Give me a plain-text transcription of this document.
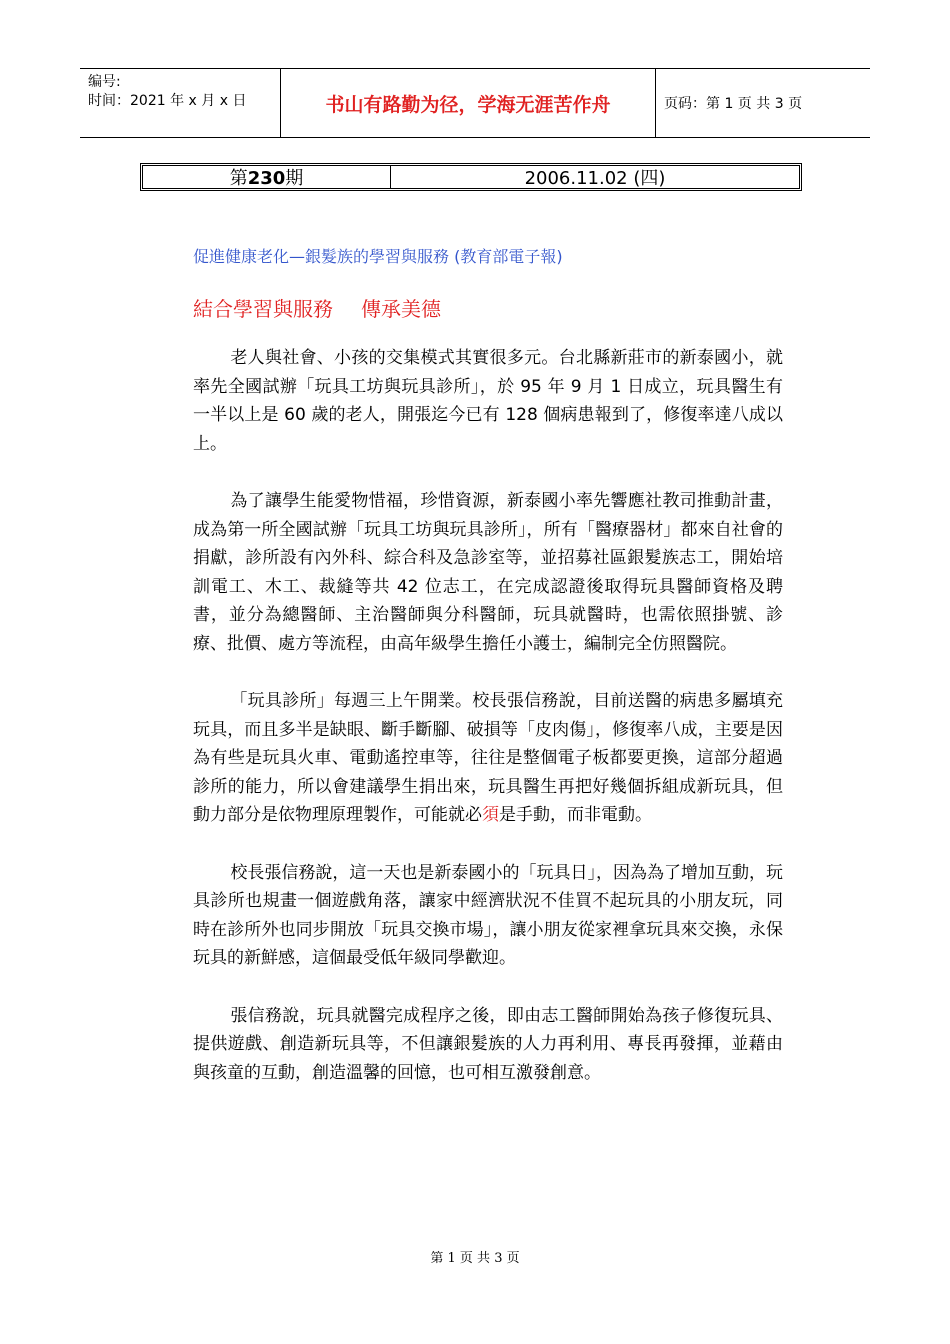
编号:
时间：2021 年 x 月 x 日	书山有路勤为径，学海无涯苦作舟	页码：第 1 页 共 3 页
第230期	2006.11.02 (四)
促進健康老化—銀髮族的學習與服務 (教育部電子報)
結合學習與服務 傳承美德

老人與社會、小孩的交集模式其實很多元。台北縣新莊市的新泰國小，就率先全國試辦「玩具工坊與玩具診所」，於 95 年 9 月 1 日成立，玩具醫生有一半以上是 60 歲的老人，開張迄今已有 128 個病患報到了，修復率達八成以上。

為了讓學生能愛物惜福，珍惜資源，新泰國小率先響應社教司推動計畫，成為第一所全國試辦「玩具工坊與玩具診所」，所有「醫療器材」都來自社會的捐獻，診所設有內外科、綜合科及急診室等，並招募社區銀髮族志工，開始培訓電工、木工、裁縫等共 42 位志工，在完成認證後取得玩具醫師資格及聘書，並分為總醫師、主治醫師與分科醫師，玩具就醫時，也需依照掛號、診療、批價、處方等流程，由高年級學生擔任小護士，編制完全仿照醫院。

「玩具診所」每週三上午開業。校長張信務說，目前送醫的病患多屬填充玩具，而且多半是缺眼、斷手斷腳、破損等「皮肉傷」，修復率八成，主要是因為有些是玩具火車、電動遙控車等，往往是整個電子板都要更換，這部分超過診所的能力，所以會建議學生捐出來，玩具醫生再把好幾個拆組成新玩具，但動力部分是依物理原理製作，可能就必須是手動，而非電動。

校長張信務說，這一天也是新泰國小的「玩具日」，因為為了增加互動，玩具診所也規畫一個遊戲角落，讓家中經濟狀況不佳買不起玩具的小朋友玩，同時在診所外也同步開放「玩具交換市場」，讓小朋友從家裡拿玩具來交換，永保玩具的新鮮感，這個最受低年級同學歡迎。

張信務說，玩具就醫完成程序之後，即由志工醫師開始為孩子修復玩具、提供遊戲、創造新玩具等，不但讓銀髮族的人力再利用、專長再發揮，並藉由與孩童的互動，創造溫馨的回憶，也可相互激發創意。

第 1 页 共 3 页
